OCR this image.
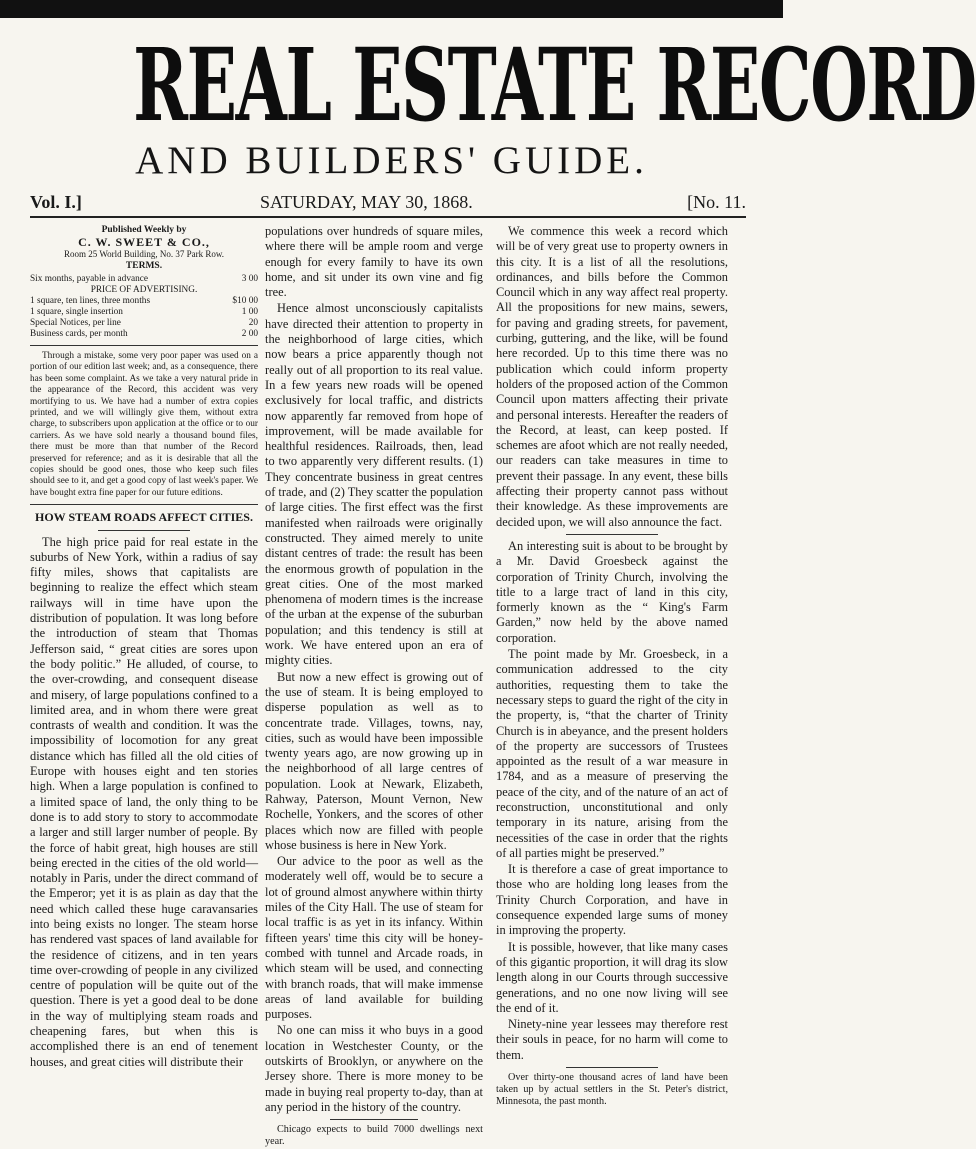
REAL ESTATE RECORD
AND BUILDERS' GUIDE.
Vol. I.]	SATURDAY, MAY 30, 1868.	[No. 11.
Published Weekly by
C. W. SWEET & CO.,
Room 25 World Building, No. 37 Park Row.
TERMS.
Six months, payable in advance	3 00
PRICE OF ADVERTISING.
1 square, ten lines, three months	$10 00
1 square, single insertion	1 00
Special Notices, per line	20
Business cards, per month	2 00

Through a mistake, some very poor paper was used on a portion of our edition last week; and, as a consequence, there has been some complaint. As we take a very natural pride in the appearance of the Record, this accident was very mortifying to us. We have had a number of extra copies printed, and we will willingly give them, without extra charge, to subscribers upon application at the office or to our carriers. As we have sold nearly a thousand bound files, there must be more than that number of the Record preserved for reference; and as it is desirable that all the copies should be good ones, those who keep such files should see to it, and get a good copy of last week's paper. We have bought extra fine paper for our future editions.

HOW STEAM ROADS AFFECT CITIES.

The high price paid for real estate in the suburbs of New York, within a radius of say fifty miles, shows that capitalists are beginning to realize the effect which steam railways will in time have upon the distribution of population. It was long before the introduction of steam that Thomas Jefferson said, “ great cities are sores upon the body politic.” He alluded, of course, to the over-crowding, and consequent disease and misery, of large populations confined to a limited area, and in whom there were great contrasts of wealth and condition. It was the impossibility of locomotion for any great distance which has filled all the old cities of Europe with houses eight and ten stories high. When a large population is confined to a limited space of land, the only thing to be done is to add story to story to accommodate a larger and still larger number of people. By the force of habit great, high houses are still being erected in the cities of the old world—notably in Paris, under the direct command of the Emperor; yet it is as plain as day that the need which called these huge caravansaries into being exists no longer. The steam horse has rendered vast spaces of land available for the residence of citizens, and in ten years time over-crowding of people in any civilized centre of population will be quite out of the question. There is yet a good deal to be done in the way of multiplying steam roads and cheapening fares, but when this is accomplished there is an end of tenement houses, and great cities will distribute their

populations over hundreds of square miles, where there will be ample room and verge enough for every family to have its own home, and sit under its own vine and fig tree.

Hence almost unconsciously capitalists have directed their attention to property in the neighborhood of large cities, which now bears a price apparently though not really out of all proportion to its real value. In a few years new roads will be opened exclusively for local traffic, and districts now apparently far removed from hope of improvement, will be made available for healthful residences. Railroads, then, lead to two apparently very different results. (1) They concentrate business in great centres of trade, and (2) They scatter the population of large cities. The first effect was the first manifested when railroads were originally constructed. They aimed merely to unite distant centres of trade: the result has been the enormous growth of population in the great cities. One of the most marked phenomena of modern times is the increase of the urban at the expense of the suburban population; and this tendency is still at work. We have entered upon an era of mighty cities.

But now a new effect is growing out of the use of steam. It is being employed to disperse population as well as to concentrate trade. Villages, towns, nay, cities, such as would have been impossible twenty years ago, are now growing up in the neighborhood of all large centres of population. Look at Newark, Elizabeth, Rahway, Paterson, Mount Vernon, New Rochelle, Yonkers, and the scores of other places which now are filled with people whose business is here in New York.

Our advice to the poor as well as the moderately well off, would be to secure a lot of ground almost anywhere within thirty miles of the City Hall. The use of steam for local traffic is as yet in its infancy. Within fifteen years' time this city will be honey-combed with tunnel and Arcade roads, in which steam will be used, and connecting with branch roads, that will make immense areas of land available for building purposes.

No one can miss it who buys in a good location in Westchester County, or the outskirts of Brooklyn, or anywhere on the Jersey shore. There is more money to be made in buying real property to-day, than at any period in the history of the country.

Chicago expects to build 7000 dwellings next year.

We commence this week a record which will be of very great use to property owners in this city. It is a list of all the resolutions, ordinances, and bills before the Common Council which in any way affect real property. All the propositions for new mains, sewers, for paving and grading streets, for pavement, curbing, guttering, and the like, will be found here recorded. Up to this time there was no publication which could inform property holders of the proposed action of the Common Council upon matters affecting their private and personal interests. Hereafter the readers of the Record, at least, can keep posted. If schemes are afoot which are not really needed, our readers can take measures in time to prevent their passage. In any event, these bills affecting their property cannot pass without their knowledge. As these improvements are decided upon, we will also announce the fact.

An interesting suit is about to be brought by a Mr. David Groesbeck against the corporation of Trinity Church, involving the title to a large tract of land in this city, formerly known as the “ King's Farm Garden,” now held by the above named corporation.

The point made by Mr. Groesbeck, in a communication addressed to the city authorities, requesting them to take the necessary steps to guard the right of the city in the property, is, “that the charter of Trinity Church is in abeyance, and the present holders of the property are successors of Trustees appointed as the result of a war measure in 1784, and as a measure of preserving the peace of the city, and of the nature of an act of reconstruction, unconstitutional and only temporary in its nature, arising from the necessities of the case in order that the rights of all parties might be preserved.”

It is therefore a case of great importance to those who are holding long leases from the Trinity Church Corporation, and have in consequence expended large sums of money in improving the property.

It is possible, however, that like many cases of this gigantic proportion, it will drag its slow length along in our Courts through successive generations, and no one now living will see the end of it.

Ninety-nine year lessees may therefore rest their souls in peace, for no harm will come to them.

Over thirty-one thousand acres of land have been taken up by actual settlers in the St. Peter's district, Minnesota, the past month.
